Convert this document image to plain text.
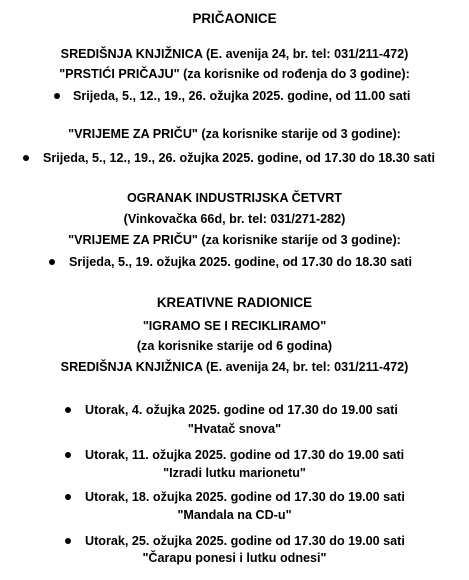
PRIČAONICE
SREDIŠNJA KNJIŽNICA (E. avenija 24, br. tel: 031/211-472)
"PRSTIĆI PRIČAJU" (za korisnike od rođenja do 3 godine):
Srijeda, 5., 12., 19., 26. ožujka 2025. godine, od 11.00 sati
"VRIJEME ZA PRIČU" (za korisnike starije od 3 godine):
Srijeda, 5., 12., 19., 26. ožujka 2025. godine, od 17.30 do 18.30 sati
OGRANAK INDUSTRIJSKA ČETVRT
(Vinkovačka 66d, br. tel: 031/271-282)
"VRIJEME ZA PRIČU" (za korisnike starije od 3 godine):
Srijeda, 5., 19. ožujka 2025. godine, od 17.30 do 18.30 sati
KREATIVNE RADIONICE
"IGRAMO SE I RECIKLIRAMO"
(za korisnike starije od 6 godina)
SREDIŠNJA KNJIŽNICA (E. avenija 24, br. tel: 031/211-472)
Utorak, 4. ožujka 2025. godine od 17.30 do 19.00 sati
"Hvatač snova"
Utorak, 11. ožujka 2025. godine od 17.30 do 19.00 sati
"Izradi lutku marionetu"
Utorak, 18. ožujka 2025. godine od 17.30 do 19.00 sati
"Mandala na CD-u"
Utorak, 25. ožujka 2025. godine od 17.30 do 19.00 sati
"Čarapu ponesi i lutku odnesi"
